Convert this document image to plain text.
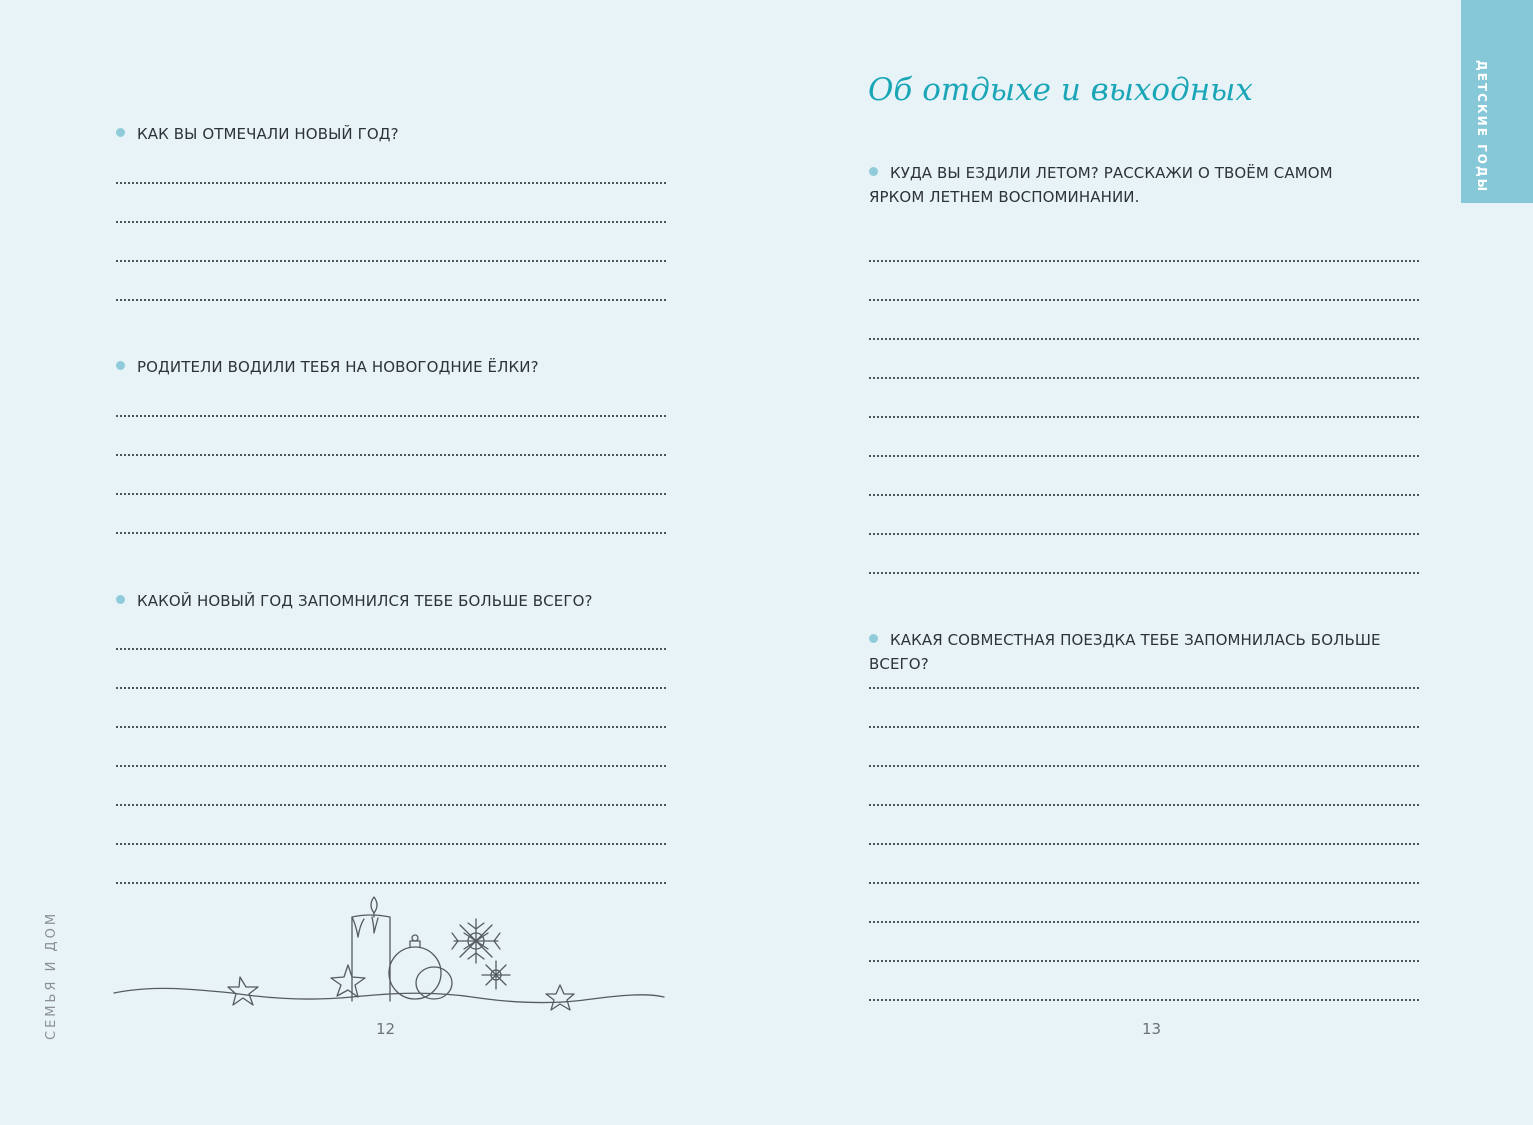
КАК ВЫ ОТМЕЧАЛИ НОВЫЙ ГОД?
РОДИТЕЛИ ВОДИЛИ ТЕБЯ НА НОВОГОДНИЕ ЁЛКИ?
КАКОЙ НОВЫЙ ГОД ЗАПОМНИЛСЯ ТЕБЕ БОЛЬШЕ ВСЕГО?
12
СЕМЬЯ И ДОМ
ДЕТСКИЕ ГОДЫ
Об отдыхе и выходных
КУДА ВЫ ЕЗДИЛИ ЛЕТОМ? РАССКАЖИ О ТВОЁМ САМОМ ЯРКОМ ЛЕТНЕМ ВОСПОМИНАНИИ.
КАКАЯ СОВМЕСТНАЯ ПОЕЗДКА ТЕБЕ ЗАПОМНИЛАСЬ БОЛЬШЕ ВСЕГО?
13
